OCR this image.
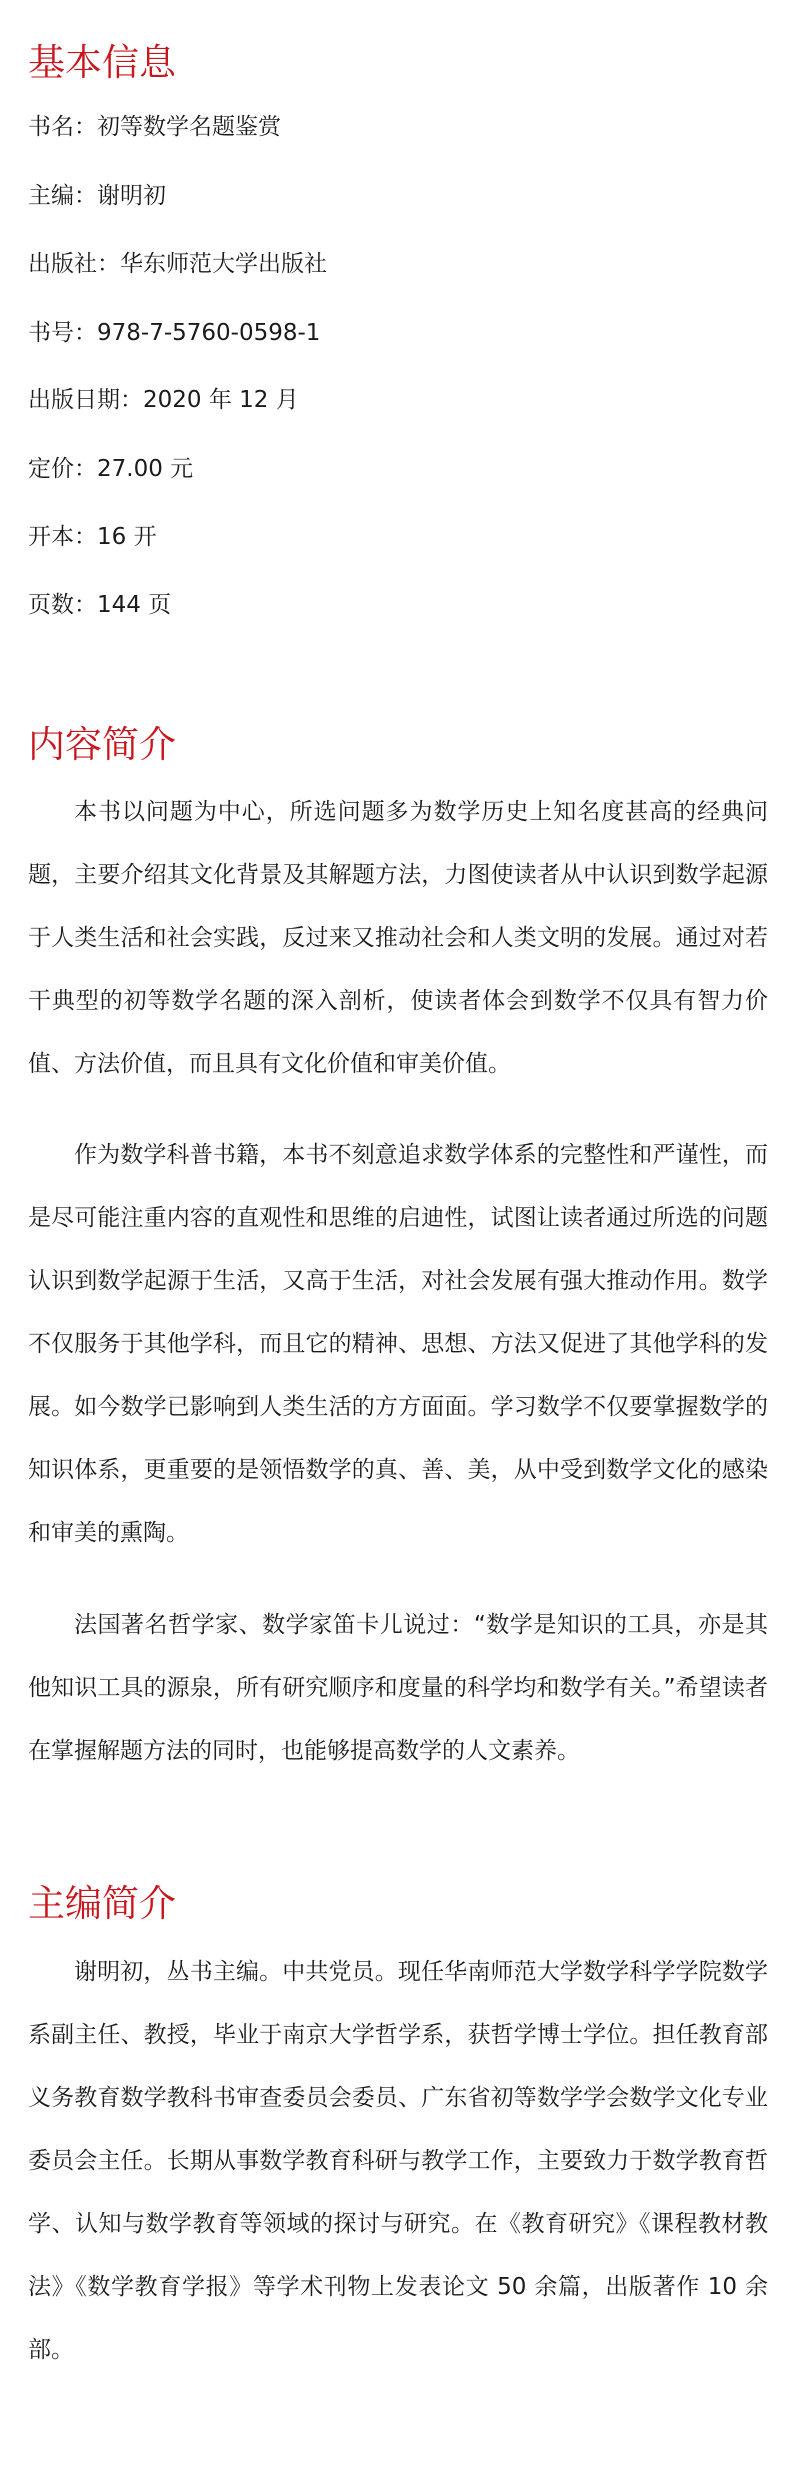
基本信息
书名：初等数学名题鉴赏
主编：谢明初
出版社：华东师范大学出版社
书号：978-7-5760-0598-1
出版日期：2020 年 12 月
定价：27.00 元
开本：16 开
页数：144 页
内容简介

本书以问题为中心，所选问题多为数学历史上知名度甚高的经典问题，主要介绍其文化背景及其解题方法，力图使读者从中认识到数学起源于人类生活和社会实践，反过来又推动社会和人类文明的发展。通过对若干典型的初等数学名题的深入剖析，使读者体会到数学不仅具有智力价值、方法价值，而且具有文化价值和审美价值。

作为数学科普书籍，本书不刻意追求数学体系的完整性和严谨性，而是尽可能注重内容的直观性和思维的启迪性，试图让读者通过所选的问题认识到数学起源于生活，又高于生活，对社会发展有强大推动作用。数学不仅服务于其他学科，而且它的精神、思想、方法又促进了其他学科的发展。如今数学已影响到人类生活的方方面面。学习数学不仅要掌握数学的知识体系，更重要的是领悟数学的真、善、美，从中受到数学文化的感染和审美的熏陶。

法国著名哲学家、数学家笛卡儿说过：“数学是知识的工具，亦是其他知识工具的源泉，所有研究顺序和度量的科学均和数学有关。”希望读者在掌握解题方法的同时，也能够提高数学的人文素养。

主编简介

谢明初，丛书主编。中共党员。现任华南师范大学数学科学学院数学系副主任、教授，毕业于南京大学哲学系，获哲学博士学位。担任教育部义务教育数学教科书审查委员会委员、广东省初等数学学会数学文化专业委员会主任。长期从事数学教育科研与教学工作，主要致力于数学教育哲学、认知与数学教育等领域的探讨与研究。在《教育研究》《课程教材教法》《数学教育学报》等学术刊物上发表论文 50 余篇，出版著作 10 余部。
